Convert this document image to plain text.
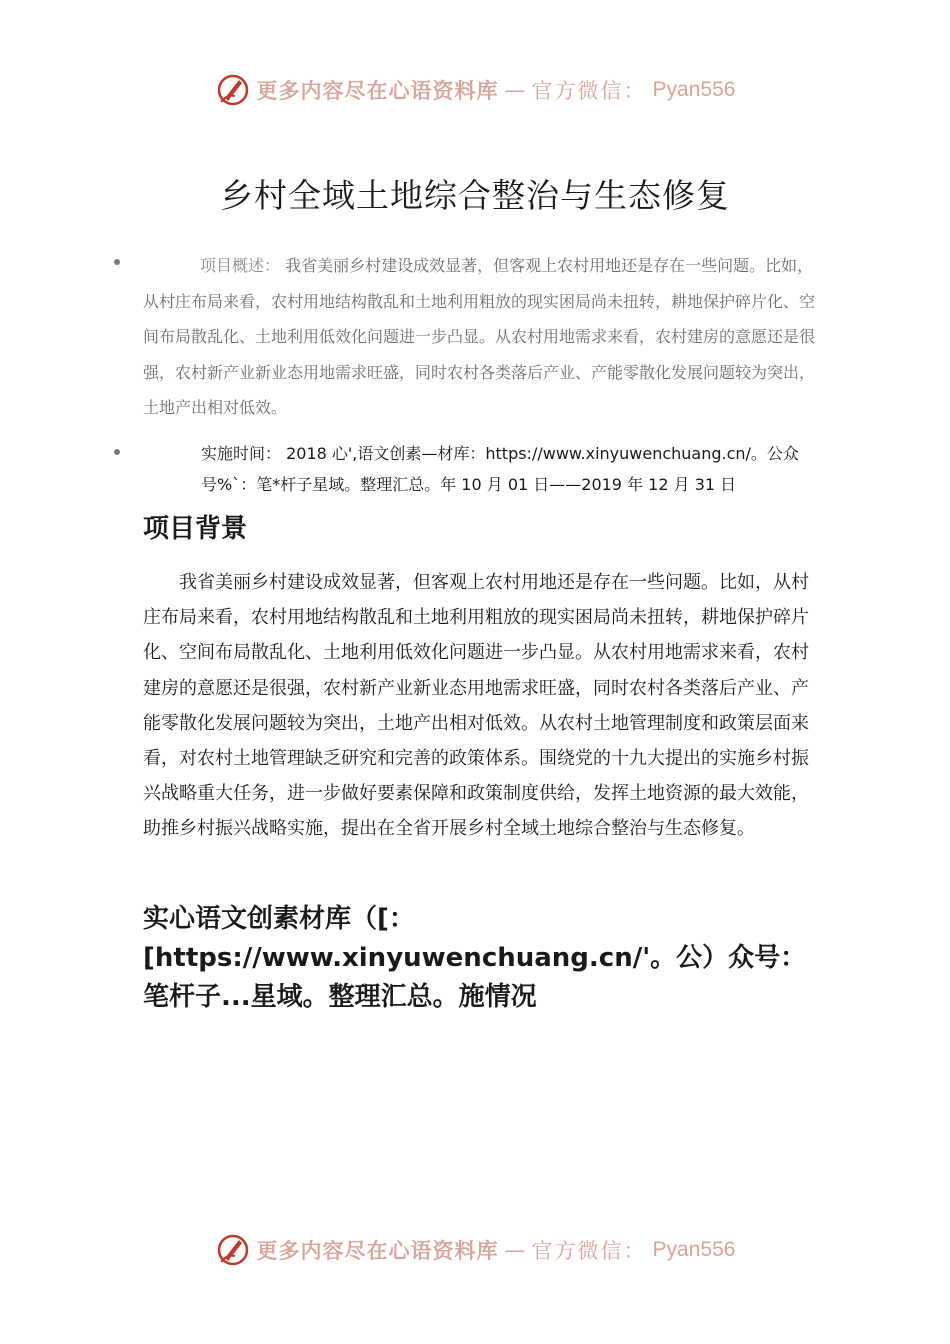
更多内容尽在心语资料库 — 官方微信： Pyan556
乡村全域土地综合整治与生态修复
项目概述： 我省美丽乡村建设成效显著，但客观上农村用地还是存在一些问题。比如，从村庄布局来看，农村用地结构散乱和土地利用粗放的现实困局尚未扭转，耕地保护碎片化、空间布局散乱化、土地利用低效化问题进一步凸显。从农村用地需求来看，农村建房的意愿还是很强，农村新产业新业态用地需求旺盛，同时农村各类落后产业、产能零散化发展问题较为突出，土地产出相对低效。
实施时间： 2018 心',语文创素—材库：https://www.xinyuwenchuang.cn/。公众号%`：笔*杆子星域。整理汇总。年 10 月 01 日——2019 年 12 月 31 日
项目背景
我省美丽乡村建设成效显著，但客观上农村用地还是存在一些问题。比如，从村庄布局来看，农村用地结构散乱和土地利用粗放的现实困局尚未扭转，耕地保护碎片化、空间布局散乱化、土地利用低效化问题进一步凸显。从农村用地需求来看，农村建房的意愿还是很强，农村新产业新业态用地需求旺盛，同时农村各类落后产业、产能零散化发展问题较为突出，土地产出相对低效。从农村土地管理制度和政策层面来看，对农村土地管理缺乏研究和完善的政策体系。围绕党的十九大提出的实施乡村振兴战略重大任务，进一步做好要素保障和政策制度供给，发挥土地资源的最大效能，助推乡村振兴战略实施，提出在全省开展乡村全域土地综合整治与生态修复。
实心语文创素材库（[：[https://www.xinyuwenchuang.cn/'。公）众号：笔杆子...星域。整理汇总。施情况
更多内容尽在心语资料库 — 官方微信： Pyan556
